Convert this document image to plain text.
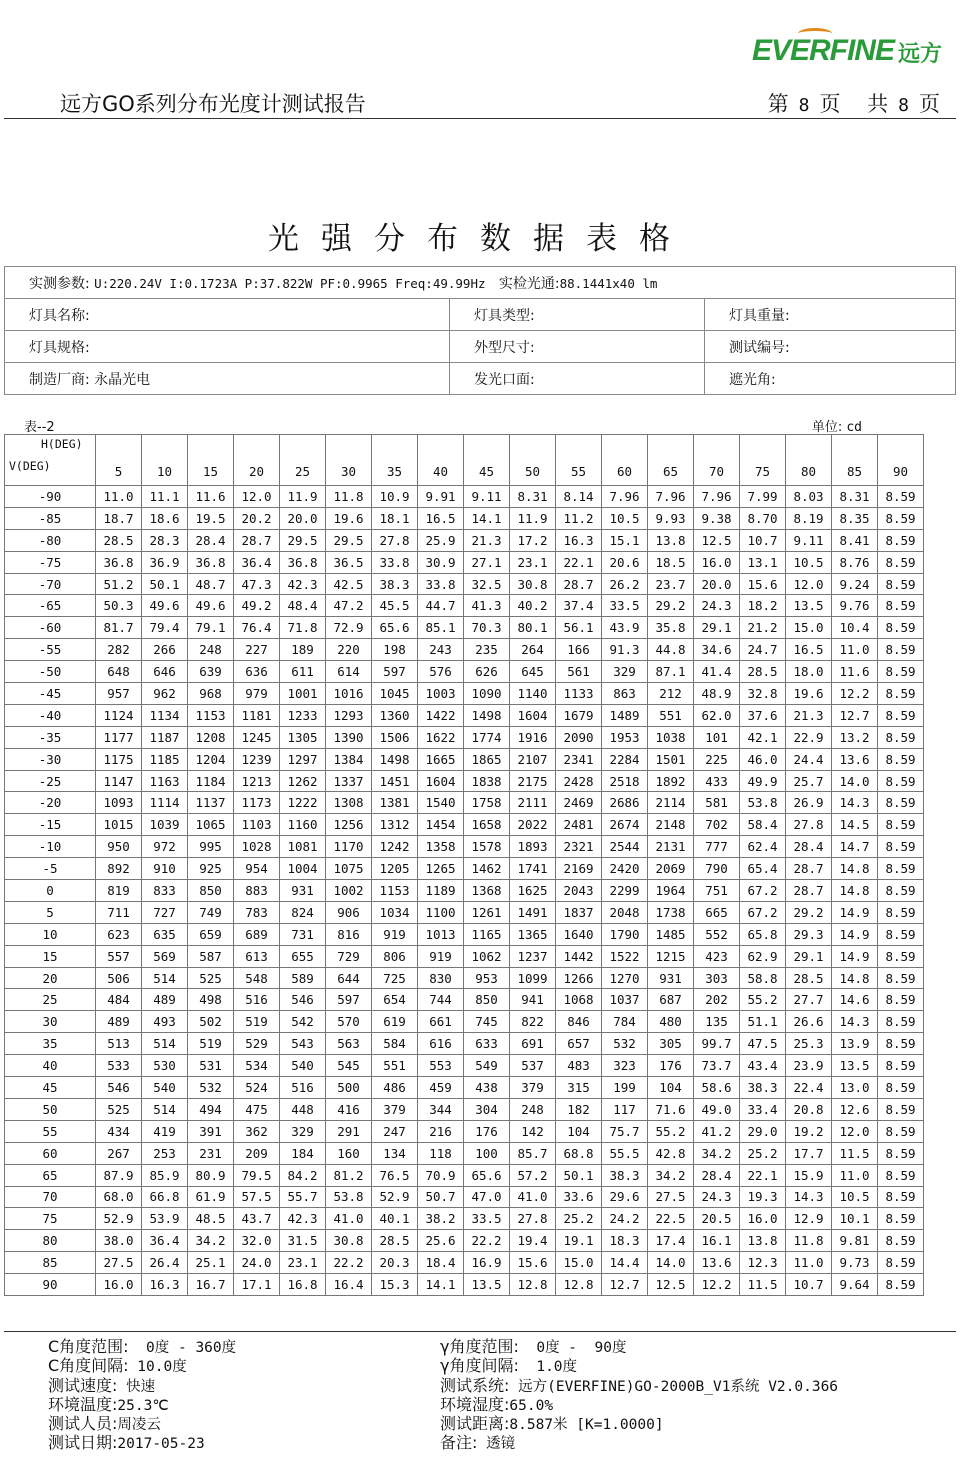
EVERFINE 远方
远方GO系列分布光度计测试报告	第 8 页 共 8 页
光强分布数据表格
实测参数: U:220.24V I:0.1723A P:37.822W PF:0.9965 Freq:49.99Hz 实检光通:88.1441x40 lm		
灯具名称:	灯具类型:	灯具重量:
灯具规格:	外型尺寸:	测试编号:
制造厂商: 永晶光电	发光口面:	遮光角:
表--2	单位: cd
H(DEG)
V(DEG)	5	10	15	20	25	30	35	40	45	50	55	60	65	70	75	80	85	90
-90	11.0	11.1	11.6	12.0	11.9	11.8	10.9	9.91	9.11	8.31	8.14	7.96	7.96	7.96	7.99	8.03	8.31	8.59
-85	18.7	18.6	19.5	20.2	20.0	19.6	18.1	16.5	14.1	11.9	11.2	10.5	9.93	9.38	8.70	8.19	8.35	8.59
-80	28.5	28.3	28.4	28.7	29.5	29.5	27.8	25.9	21.3	17.2	16.3	15.1	13.8	12.5	10.7	9.11	8.41	8.59
-75	36.8	36.9	36.8	36.4	36.8	36.5	33.8	30.9	27.1	23.1	22.1	20.6	18.5	16.0	13.1	10.5	8.76	8.59
-70	51.2	50.1	48.7	47.3	42.3	42.5	38.3	33.8	32.5	30.8	28.7	26.2	23.7	20.0	15.6	12.0	9.24	8.59
-65	50.3	49.6	49.6	49.2	48.4	47.2	45.5	44.7	41.3	40.2	37.4	33.5	29.2	24.3	18.2	13.5	9.76	8.59
-60	81.7	79.4	79.1	76.4	71.8	72.9	65.6	85.1	70.3	80.1	56.1	43.9	35.8	29.1	21.2	15.0	10.4	8.59
-55	282	266	248	227	189	220	198	243	235	264	166	91.3	44.8	34.6	24.7	16.5	11.0	8.59
-50	648	646	639	636	611	614	597	576	626	645	561	329	87.1	41.4	28.5	18.0	11.6	8.59
-45	957	962	968	979	1001	1016	1045	1003	1090	1140	1133	863	212	48.9	32.8	19.6	12.2	8.59
-40	1124	1134	1153	1181	1233	1293	1360	1422	1498	1604	1679	1489	551	62.0	37.6	21.3	12.7	8.59
-35	1177	1187	1208	1245	1305	1390	1506	1622	1774	1916	2090	1953	1038	101	42.1	22.9	13.2	8.59
-30	1175	1185	1204	1239	1297	1384	1498	1665	1865	2107	2341	2284	1501	225	46.0	24.4	13.6	8.59
-25	1147	1163	1184	1213	1262	1337	1451	1604	1838	2175	2428	2518	1892	433	49.9	25.7	14.0	8.59
-20	1093	1114	1137	1173	1222	1308	1381	1540	1758	2111	2469	2686	2114	581	53.8	26.9	14.3	8.59
-15	1015	1039	1065	1103	1160	1256	1312	1454	1658	2022	2481	2674	2148	702	58.4	27.8	14.5	8.59
-10	950	972	995	1028	1081	1170	1242	1358	1578	1893	2321	2544	2131	777	62.4	28.4	14.7	8.59
-5	892	910	925	954	1004	1075	1205	1265	1462	1741	2169	2420	2069	790	65.4	28.7	14.8	8.59
0	819	833	850	883	931	1002	1153	1189	1368	1625	2043	2299	1964	751	67.2	28.7	14.8	8.59
5	711	727	749	783	824	906	1034	1100	1261	1491	1837	2048	1738	665	67.2	29.2	14.9	8.59
10	623	635	659	689	731	816	919	1013	1165	1365	1640	1790	1485	552	65.8	29.3	14.9	8.59
15	557	569	587	613	655	729	806	919	1062	1237	1442	1522	1215	423	62.9	29.1	14.9	8.59
20	506	514	525	548	589	644	725	830	953	1099	1266	1270	931	303	58.8	28.5	14.8	8.59
25	484	489	498	516	546	597	654	744	850	941	1068	1037	687	202	55.2	27.7	14.6	8.59
30	489	493	502	519	542	570	619	661	745	822	846	784	480	135	51.1	26.6	14.3	8.59
35	513	514	519	529	543	563	584	616	633	691	657	532	305	99.7	47.5	25.3	13.9	8.59
40	533	530	531	534	540	545	551	553	549	537	483	323	176	73.7	43.4	23.9	13.5	8.59
45	546	540	532	524	516	500	486	459	438	379	315	199	104	58.6	38.3	22.4	13.0	8.59
50	525	514	494	475	448	416	379	344	304	248	182	117	71.6	49.0	33.4	20.8	12.6	8.59
55	434	419	391	362	329	291	247	216	176	142	104	75.7	55.2	41.2	29.0	19.2	12.0	8.59
60	267	253	231	209	184	160	134	118	100	85.7	68.8	55.5	42.8	34.2	25.2	17.7	11.5	8.59
65	87.9	85.9	80.9	79.5	84.2	81.2	76.5	70.9	65.6	57.2	50.1	38.3	34.2	28.4	22.1	15.9	11.0	8.59
70	68.0	66.8	61.9	57.5	55.7	53.8	52.9	50.7	47.0	41.0	33.6	29.6	27.5	24.3	19.3	14.3	10.5	8.59
75	52.9	53.9	48.5	43.7	42.3	41.0	40.1	38.2	33.5	27.8	25.2	24.2	22.5	20.5	16.0	12.9	10.1	8.59
80	38.0	36.4	34.2	32.0	31.5	30.8	28.5	25.6	22.2	19.4	19.1	18.3	17.4	16.1	13.8	11.8	9.81	8.59
85	27.5	26.4	25.1	24.0	23.1	22.2	20.3	18.4	16.9	15.6	15.0	14.4	14.0	13.6	12.3	11.0	9.73	8.59
90	16.0	16.3	16.7	17.1	16.8	16.4	15.3	14.1	13.5	12.8	12.8	12.7	12.5	12.2	11.5	10.7	9.64	8.59
C角度范围:  0度 - 360度
C角度间隔: 10.0度
测试速度: 快速
环境温度:25.3℃
测试人员:周凌云
测试日期:2017-05-23
γ角度范围:  0度 -  90度
γ角度间隔:  1.0度
测试系统: 远方(EVERFINE)GO-2000B_V1系统 V2.0.366
环境湿度:65.0%
测试距离:8.587米 [K=1.0000]
备注: 透镜
